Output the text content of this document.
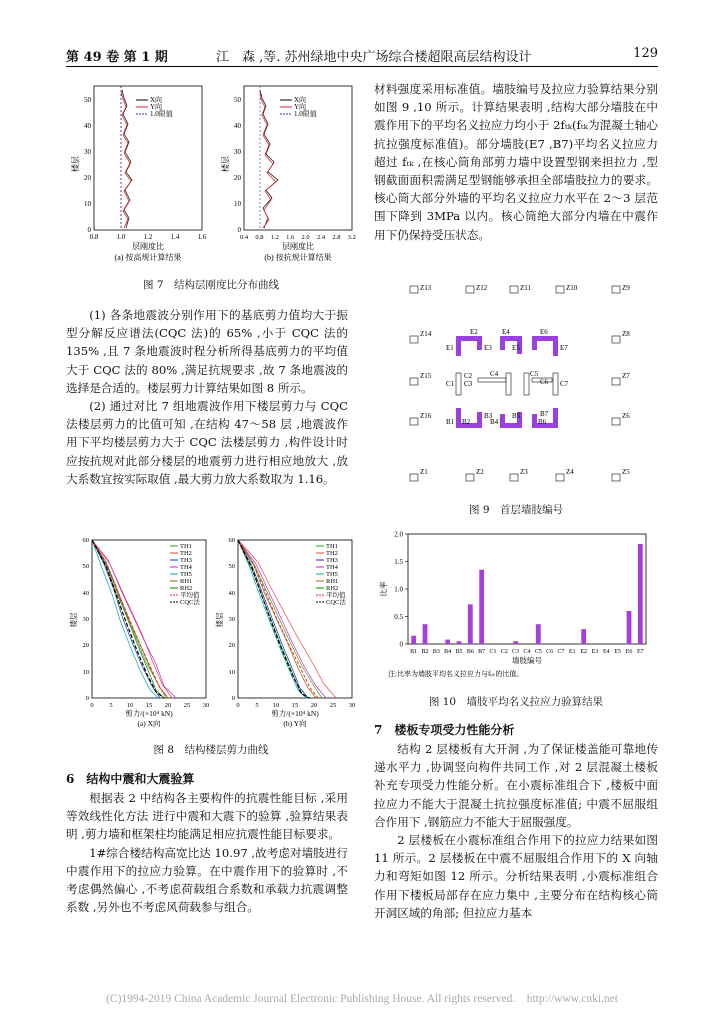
第 49 卷 第 1 期	江　森 ,等. 苏州绿地中央广场综合楼超限高层结构设计	129
X向
Y向
1.0限值
0
10
20
30
40
50
0.8	1.0	1.2	1.4	1.6
层刚度比
(a) 按高规计算结果
楼层
X向
Y向
1.0限值
0
10
20
30
40
50
0.4 0.8 1.2 1.6 2.0 2.4 2.8 3.2
层刚度比
(b) 按抗规计算结果
楼层
图 7　结构层刚度比分布曲线

(1) 各条地震波分别作用下的基底剪力值均大于振型分解反应谱法(CQC 法)的 65% ,小于 CQC 法的 135% ,且 7 条地震波时程分析所得基底剪力的平均值大于 CQC 法的 80% ,满足抗规要求 ,故 7 条地震波的选择是合适的。楼层剪力计算结果如图 8 所示。

(2) 通过对比 7 组地震波作用下楼层剪力与 CQC 法楼层剪力的比值可知 ,在结构 47～58 层 ,地震波作用下平均楼层剪力大于 CQC 法楼层剪力 ,构件设计时应按抗规对此部分楼层的地震剪力进行相应地放大 ,放大系数宜按实际取值 ,最大剪力放大系数取为 1.16。

TH1
TH2
TH3
TH4
TH5
RH1
RH2
平均值
CQC法
0
10
20
30
40
50
60
0 5 10 15 20 25 30
剪力/(×10⁴ kN)
(a) X向
楼层
TH1
TH2
TH3
TH4
TH5
RH1
RH2
平均值
CQC法
0
10
20
30
40
50
60
0 5 10 15 20 25 30
剪力/(×10⁴ kN)
(b) Y向
楼层
图 8　结构楼层剪力曲线
6　结构中震和大震验算

根据表 2 中结构各主要构件的抗震性能目标 ,采用等效线性化方法 进行中震和大震下的验算 ,验算结果表明 ,剪力墙和框架柱均能满足相应抗震性能目标要求。

1#综合楼结构高宽比达 10.97 ,故考虑对墙肢进行中震作用下的拉应力验算。在中震作用下的验算时 ,不考虑偶然偏心 ,不考虑荷载组合系数和承载力抗震调整系数 ,另外也不考虑风荷载参与组合。

材料强度采用标准值。墙肢编号及拉应力验算结果分别如图 9 ,10 所示。计算结果表明 ,结构大部分墙肢在中震作用下的平均名义拉应力均小于 2fₜₖ(fₜₖ为混凝土轴心抗拉强度标准值)。部分墙肢(E7 ,B7)平均名义拉应力超过 fₜₖ ,在核心筒角部剪力墙中设置型钢来担拉力 ,型钢截面面积需满足型钢能够承担全部墙肢拉力的要求。核心筒大部分外墙的平均名义拉应力水平在 2～3 层范围下降到 3MPa 以内。核心筒绝大部分内墙在中震作用下仍保持受压状态。

Z13	Z12	Z11	Z10	Z9
Z14	Z8
Z15	Z7
Z16	Z6
Z1	Z2	Z3	Z4	Z5
E1
E2
E3
E4
E5
E6
E7
C1
C2
C3
C4	C5
C6 C7
B1 B2
B3
B4
B5
B6
B7
图 9　首层墙肢编号
0
0.5
1.0
1.5
2.0
B1 B2 B3 B4 B5 B6 B7 C1 C2 C3 C4 C5 C6 C7 E1 E2 E3 E4 E5 E6 E7
墙肢编号
比率
注:比率为墙肢平均名义拉应力与fₜₖ的比值。
图 10　墙肢平均名义拉应力验算结果
7　楼板专项受力性能分析

结构 2 层楼板有大开洞 ,为了保证楼盖能可靠地传递水平力 ,协调竖向构件共同工作 ,对 2 层混凝土楼板补充专项受力性能分析。在小震标准组合下 ,楼板中面拉应力不能大于混凝土抗拉强度标准值; 中震不屈服组合作用下 ,钢筋应力不能大于屈服强度。

2 层楼板在小震标准组合作用下的拉应力结果如图 11 所示。2 层楼板在中震不屈服组合作用下的 X 向轴力和弯矩如图 12 所示。分析结果表明 ,小震标准组合作用下楼板局部存在应力集中 ,主要分布在结构核心筒开洞区域的角部; 但拉应力基本

(C)1994-2019 China Academic Journal Electronic Publishing House. All rights reserved.　http://www.cnki.net
